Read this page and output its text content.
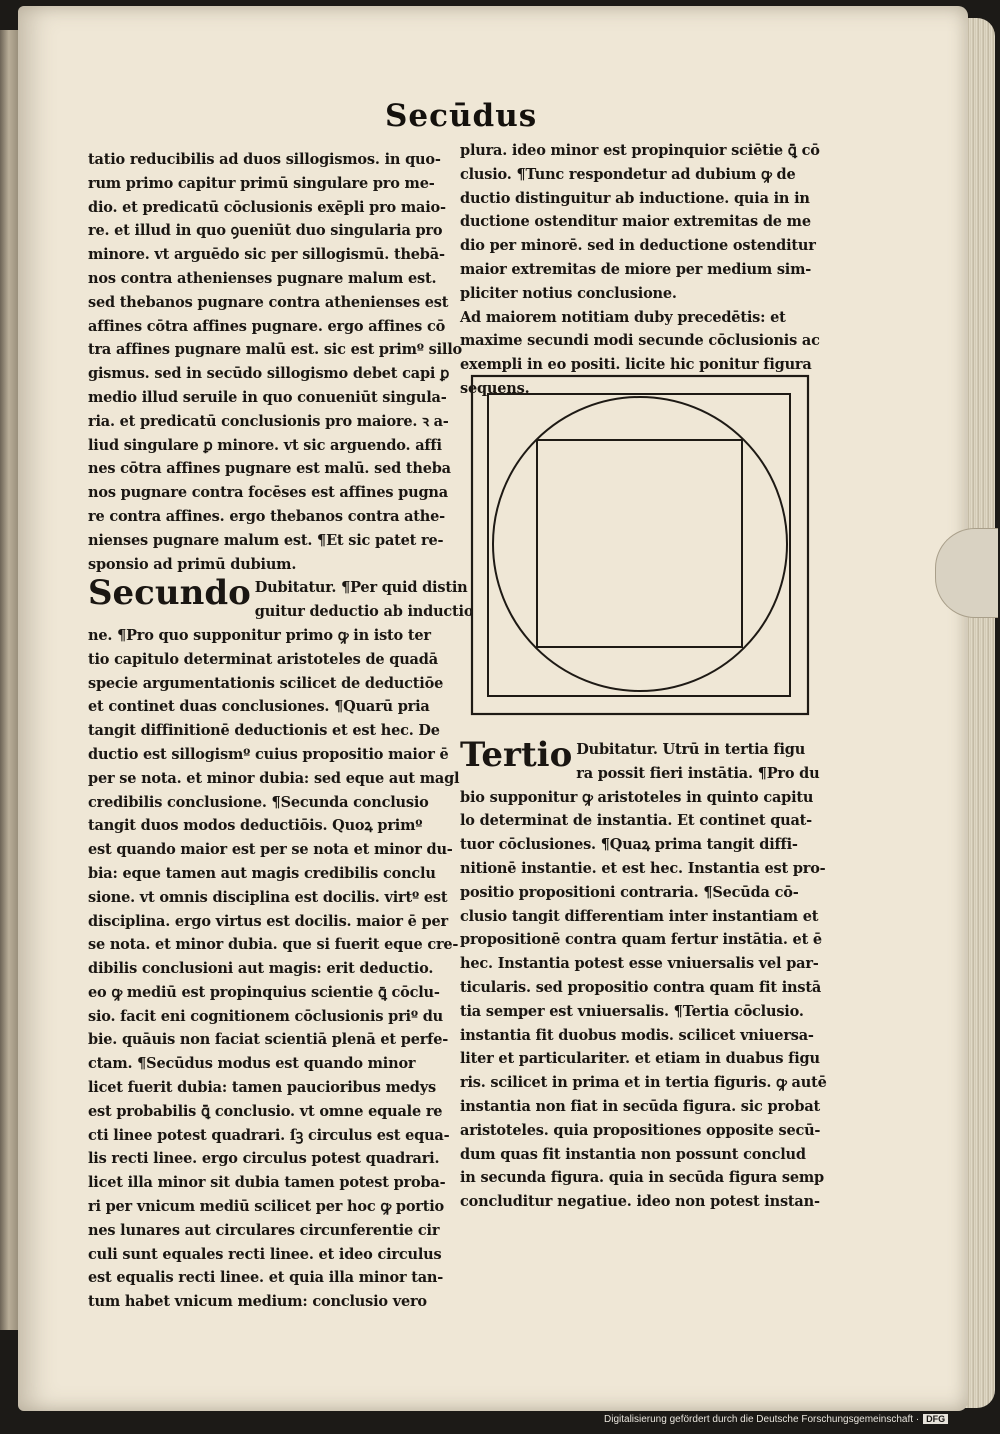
Secūdus

tatio reducibilis ad duos sillogismos. in quo-

rum primo capitur primū singulare pro me-

dio. et predicatū cōclusionis exēpli pro maio-

re. et illud in quo ꝯueniūt duo singularia pro

minore. vt arguēdo sic per sillogismū. thebā-

nos contra athenienses pugnare malum est.

sed thebanos pugnare contra athenienses est

affines cōtra affines pugnare. ergo affines cō

tra affines pugnare malū est. sic est primº sillo

gismus. sed in secūdo sillogismo debet capi ꝑ

medio illud seruile in quo conueniūt singula-

ria. et predicatū conclusionis pro maiore. ꝛ a-

liud singulare ꝑ minore. vt sic arguendo. affi

nes cōtra affines pugnare est malū. sed theba

nos pugnare contra focēses est affines pugna

re contra affines. ergo thebanos contra athe-

nienses pugnare malum est. ¶Et sic patet re-

sponsio ad primū dubium.

Secundo Dubitatur. ¶Per quid distin

guitur deductio ab inductio

ne. ¶Pro quo supponitur primo ꝙ in isto ter

tio capitulo determinat aristoteles de quadā

specie argumentationis scilicet de deductiōe

et continet duas conclusiones. ¶Quarū pria

tangit diffinitionē deductionis et est hec. De

ductio est sillogismº cuius propositio maior ē

per se nota. et minor dubia: sed eque aut magl

credibilis conclusione. ¶Secunda conclusio

tangit duos modos deductiōis. Quoꝝ primº

est quando maior est per se nota et minor du-

bia: eque tamen aut magis credibilis conclu

sione. vt omnis disciplina est docilis. virtº est

disciplina. ergo virtus est docilis. maior ē per

se nota. et minor dubia. que si fuerit eque cre-

dibilis conclusioni aut magis: erit deductio.

eo ꝙ mediū est propinquius scientie ꝗ̄ cōclu-

sio. facit eni cognitionem cōclusionis priº du

bie. quāuis non faciat scientiā plenā et perfe-

ctam. ¶Secūdus modus est quando minor

licet fuerit dubia: tamen paucioribus medys

est probabilis ꝗ̄ conclusio. vt omne equale re

cti linee potest quadrari. ſꝫ circulus est equa-

lis recti linee. ergo circulus potest quadrari.

licet illa minor sit dubia tamen potest proba-

ri per vnicum mediū scilicet per hoc ꝙ portio

nes lunares aut circulares circunferentie cir

culi sunt equales recti linee. et ideo circulus

est equalis recti linee. et quia illa minor tan-

tum habet vnicum medium: conclusio vero

plura. ideo minor est propinquior sciētie ꝗ̄ cō

clusio. ¶Tunc respondetur ad dubium ꝙ de

ductio distinguitur ab inductione. quia in in

ductione ostenditur maior extremitas de me

dio per minorē. sed in deductione ostenditur

maior extremitas de miore per medium sim-

pliciter notius conclusione.

Ad maiorem notitiam duby precedētis: et

maxime secundi modi secunde cōclusionis ac

exempli in eo positi. licite hic ponitur figura

sequens.

Tertio Dubitatur. Utrū in tertia figu

ra possit fieri instātia. ¶Pro du

bio supponitur ꝙ aristoteles in quinto capitu

lo determinat de instantia. Et continet quat-

tuor cōclusiones. ¶Quaꝝ prima tangit diffi-

nitionē instantie. et est hec. Instantia est pro-

positio propositioni contraria. ¶Secūda cō-

clusio tangit differentiam inter instantiam et

propositionē contra quam fertur instātia. et ē

hec. Instantia potest esse vniuersalis vel par-

ticularis. sed propositio contra quam fit instā

tia semper est vniuersalis. ¶Tertia cōclusio.

instantia fit duobus modis. scilicet vniuersa-

liter et particulariter. et etiam in duabus figu

ris. scilicet in prima et in tertia figuris. ꝙ autē

instantia non fiat in secūda figura. sic probat

aristoteles. quia propositiones opposite secū-

dum quas fit instantia non possunt conclud

in secunda figura. quia in secūda figura semp

concluditur negatiue. ideo non potest instan-

Digitalisierung gefördert durch die Deutsche Forschungsgemeinschaft · DFG
